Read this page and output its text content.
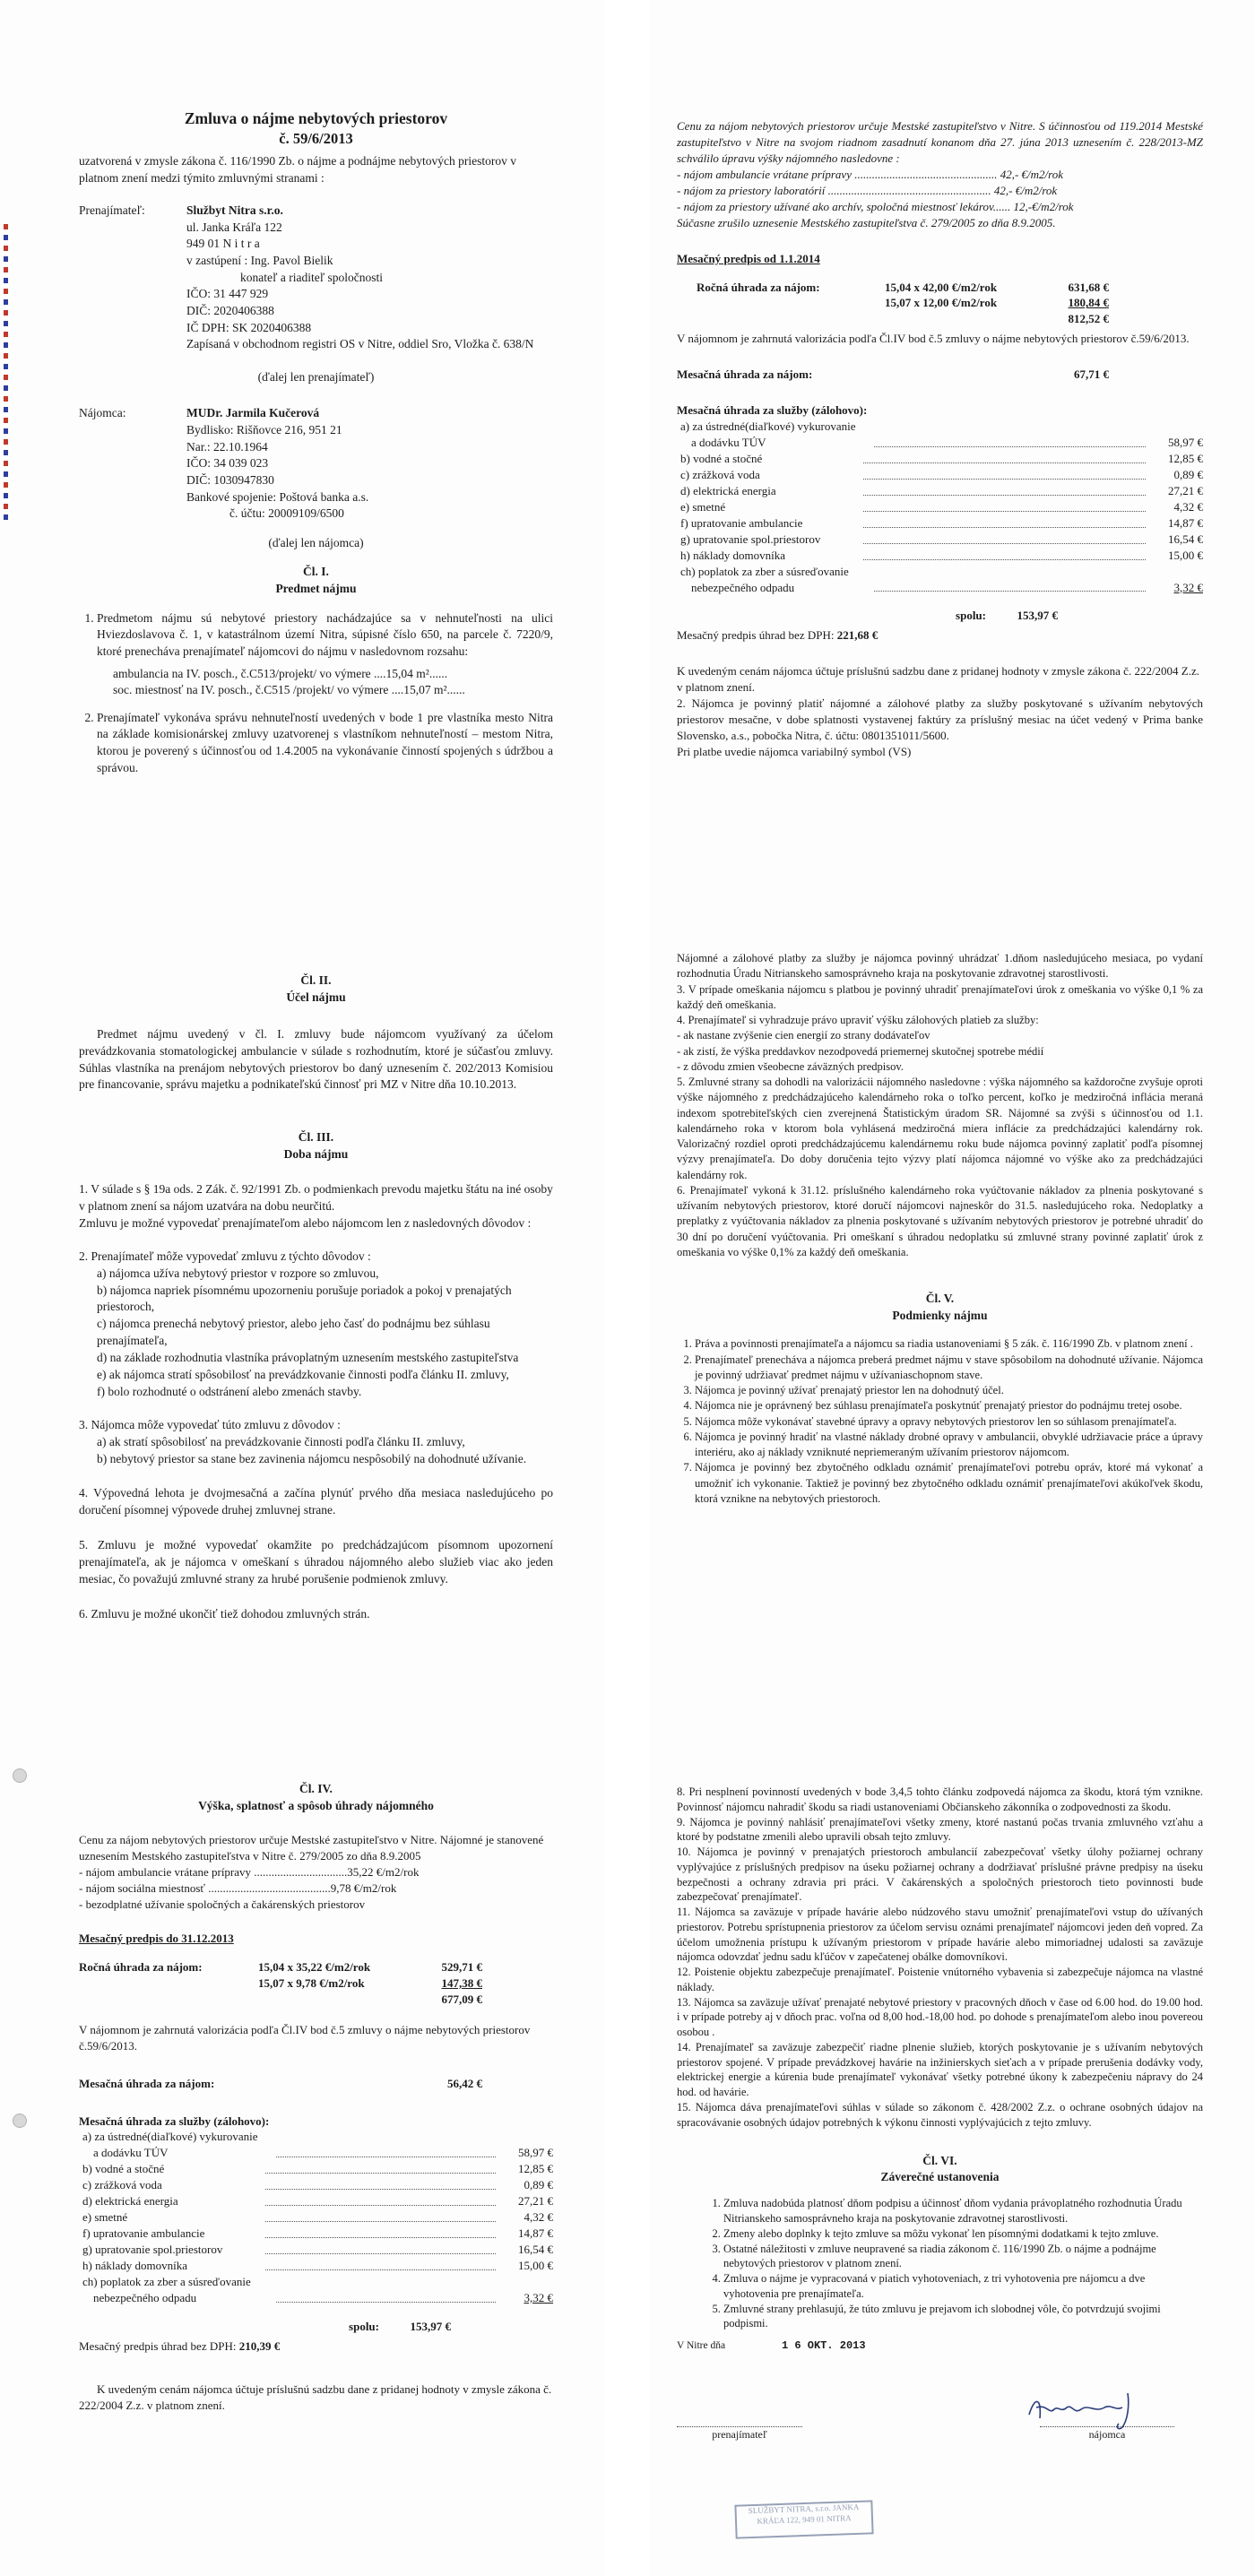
Zmluva o nájme nebytových priestorov

č. 59/6/2013

uzatvorená v zmysle zákona č. 116/1990 Zb. o nájme a podnájme nebytových priestorov v platnom znení medzi týmito zmluvnými stranami :

Prenajímateľ:	Službyt Nitra s.r.o.
ul. Janka Kráľa 122
949 01 N i t r a
v zastúpení : Ing. Pavol Bielik
konateľ a riaditeľ spoločnosti
IČO: 31 447 929
DIČ: 2020406388
IČ DPH: SK 2020406388
Zapísaná v obchodnom registri OS v Nitre, oddiel Sro, Vložka č. 638/N

(ďalej len prenajímateľ)

Nájomca:	MUDr. Jarmila Kučerová
Bydlisko: Rišňovce 216, 951 21
Nar.: 22.10.1964
IČO: 34 039 023
DIČ: 1030947830
Bankové spojenie: Poštová banka a.s.
č. účtu: 20009109/6500

(ďalej len nájomca)

Čl. I.

Predmet nájmu

1. Predmetom nájmu sú nebytové priestory nachádzajúce sa v nehnuteľnosti na ulici Hviezdoslavova č. 1, v katastrálnom území Nitra, súpisné číslo 650, na parcele č. 7220/9, ktoré prenecháva prenajímateľ nájomcovi do nájmu v nasledovnom rozsahu:
ambulancia na IV. posch., č.C513/projekt/ vo výmere ....15,04 m²......
soc. miestnosť na IV. posch., č.C515 /projekt/ vo výmere ....15,07 m²......
2. Prenajímateľ vykonáva správu nehnuteľností uvedených v bode 1 pre vlastníka mesto Nitra na základe komisionárskej zmluvy uzatvorenej s vlastníkom nehnuteľností – mestom Nitra, ktorou je poverený s účinnosťou od 1.4.2005 na vykonávanie činností spojených s údržbou a správou.
Cenu za nájom nebytových priestorov určuje Mestské zastupiteľstvo v Nitre. S účinnosťou od 119.2014 Mestské zastupiteľstvo v Nitre na svojom riadnom zasadnutí konanom dňa 27. júna 2013 uznesením č. 228/2013-MZ schválilo úpravu výšky nájomného nasledovne :
- nájom ambulancie vrátane prípravy ................................................. 42,- €/m2/rok
- nájom za priestory laboratórií ........................................................ 42,- €/m2/rok
- nájom za priestory užívané ako archív, spoločná miestnosť lekárov...... 12,-€/m2/rok
Súčasne zrušilo uznesenie Mestského zastupiteľstva č. 279/2005 zo dňa 8.9.2005.

Mesačný predpis od 1.1.2014

Ročná úhrada za nájom:	15,04 x 42,00 €/m2/rok	631,68 €
15,07 x 12,00 €/m2/rok	180,84 €
812,52 €

V nájomnom je zahrnutá valorizácia podľa Čl.IV bod č.5 zmluvy o nájme nebytových priestorov č.59/6/2013.

Mesačná úhrada za nájom:	67,71 €
Mesačná úhrada za služby (zálohovo):
a) za ústredné(diaľkové) vykurovanie
a dodávku TÚV	58,97 €
b) vodné a stočné	12,85 €
c) zrážková voda	0,89 €
d) elektrická energia	27,21 €
e) smetné	4,32 €
f) upratovanie ambulancie	14,87 €
g) upratovanie spol.priestorov	16,54 €
h) náklady domovníka	15,00 €
ch) poplatok za zber a súsreďovanie
nebezpečného odpadu	3,32 €
spolu:	153,97 €
Mesačný predpis úhrad bez DPH: 221,68 €

K uvedeným cenám nájomca účtuje príslušnú sadzbu dane z pridanej hodnoty v zmysle zákona č. 222/2004 Z.z. v platnom znení.

2. Nájomca je povinný platiť nájomné a zálohové platby za služby poskytované s užívaním nebytových priestorov mesačne, v dobe splatnosti vystavenej faktúry za príslušný mesiac na účet vedený v Prima banke Slovensko, a.s., pobočka Nitra, č. účtu: 0801351011/5600.

Pri platbe uvedie nájomca variabilný symbol (VS)

Čl. II.

Účel nájmu

Predmet nájmu uvedený v čl. I. zmluvy bude nájomcom využívaný za účelom prevádzkovania stomatologickej ambulancie v súlade s rozhodnutím, ktoré je súčasťou zmluvy. Súhlas vlastníka na prenájom nebytových priestorov bo daný uznesením č. 202/2013 Komisiou pre financovanie, správu majetku a podnikateľskú činnosť pri MZ v Nitre dňa 10.10.2013.

Čl. III.

Doba nájmu

1. V súlade s § 19a ods. 2 Zák. č. 92/1991 Zb. o podmienkach prevodu majetku štátu na iné osoby v platnom znení sa nájom uzatvára na dobu neurčitú.

Zmluvu je možné vypovedať prenajímateľom alebo nájomcom len z nasledovných dôvodov :

2. Prenajímateľ môže vypovedať zmluvu z týchto dôvodov :

a) nájomca užíva nebytový priestor v rozpore so zmluvou,
b) nájomca napriek písomnému upozorneniu porušuje poriadok a pokoj v prenajatých priestoroch,
c) nájomca prenechá nebytový priestor, alebo jeho časť do podnájmu bez súhlasu prenajímateľa,
d) na základe rozhodnutia vlastníka právoplatným uznesením mestského zastupiteľstva
e) ak nájomca stratí spôsobilosť na prevádzkovanie činnosti podľa článku II. zmluvy,
f) bolo rozhodnuté o odstránení alebo zmenách stavby.

3. Nájomca môže vypovedať túto zmluvu z dôvodov :

a) ak stratí spôsobilosť na prevádzkovanie činnosti podľa článku II. zmluvy,
b) nebytový priestor sa stane bez zavinenia nájomcu nespôsobilý na dohodnuté užívanie.

4. Výpovedná lehota je dvojmesačná a začína plynúť prvého dňa mesiaca nasledujúceho po doručení písomnej výpovede druhej zmluvnej strane.

5. Zmluvu je možné vypovedať okamžite po predchádzajúcom písomnom upozornení prenajímateľa, ak je nájomca v omeškaní s úhradou nájomného alebo služieb viac ako jeden mesiac, čo považujú zmluvné strany za hrubé porušenie podmienok zmluvy.

6. Zmluvu je možné ukončiť tiež dohodou zmluvných strán.

Nájomné a zálohové platby za služby je nájomca povinný uhrádzať 1.dňom nasledujúceho mesiaca, po vydaní rozhodnutia Úradu Nitrianskeho samosprávneho kraja na poskytovanie zdravotnej starostlivosti.

3. V prípade omeškania nájomcu s platbou je povinný uhradiť prenajímateľovi úrok z omeškania vo výške 0,1 % za každý deň omeškania.
4. Prenajímateľ si vyhradzuje právo upraviť výšku zálohových platieb za služby:
- ak nastane zvýšenie cien energií zo strany dodávateľov
- ak zistí, že výška preddavkov nezodpovedá priemernej skutočnej spotrebe médií
- z dôvodu zmien všeobecne záväzných predpisov.
5. Zmluvné strany sa dohodli na valorizácii nájomného nasledovne : výška nájomného sa každoročne zvyšuje oproti výške nájomného z predchádzajúceho kalendárneho roka o toľko percent, koľko je medziročná inflácia meraná indexom spotrebiteľských cien zverejnená Štatistickým úradom SR. Nájomné sa zvýši s účinnosťou od 1.1. kalendárneho roka v ktorom bola vyhlásená medziročná miera inflácie za predchádzajúci kalendárny rok. Valorizačný rozdiel oproti predchádzajúcemu kalendárnemu roku bude nájomca povinný zaplatiť podľa písomnej výzvy prenajímateľa. Do doby doručenia tejto výzvy platí nájomca nájomné vo výške ako za predchádzajúci kalendárny rok.
6. Prenajímateľ vykoná k 31.12. príslušného kalendárneho roka vyúčtovanie nákladov za plnenia poskytované s užívaním nebytových priestorov, ktoré doručí nájomcovi najneskôr do 31.5. nasledujúceho roka. Nedoplatky a preplatky z vyúčtovania nákladov za plnenia poskytované s užívaním nebytových priestorov je potrebné uhradiť do 30 dní po doručení vyúčtovania. Pri omeškaní s úhradou nedoplatku sú zmluvné strany povinné zaplatiť úrok z omeškania vo výške 0,1% za každý deň omeškania.

Čl. V.

Podmienky nájmu

1. Práva a povinnosti prenajímateľa a nájomcu sa riadia ustanoveniami § 5 zák. č. 116/1990 Zb. v platnom znení .
2. Prenajímateľ prenecháva a nájomca preberá predmet nájmu v stave spôsobilom na dohodnuté užívanie. Nájomca je povinný udržiavať predmet nájmu v užívaniaschopnom stave.
3. Nájomca je povinný užívať prenajatý priestor len na dohodnutý účel.
4. Nájomca nie je oprávnený bez súhlasu prenajímateľa poskytnúť prenajatý priestor do podnájmu tretej osobe.
5. Nájomca môže vykonávať stavebné úpravy a opravy nebytových priestorov len so súhlasom prenajímateľa.
6. Nájomca je povinný hradiť na vlastné náklady drobné opravy v ambulancii, obvyklé udržiavacie práce a úpravy interiéru, ako aj náklady vzniknuté nepriemeraným užívaním priestorov nájomcom.
7. Nájomca je povinný bez zbytočného odkladu oznámiť prenajímateľovi potrebu opráv, ktoré má vykonať a umožniť ich vykonanie. Taktiež je povinný bez zbytočného odkladu oznámiť prenajímateľovi akúkoľvek škodu, ktorá vznikne na nebytových priestoroch.

Čl. IV.

Výška, splatnosť a spôsob úhrady nájomného

Cenu za nájom nebytových priestorov určuje Mestské zastupiteľstvo v Nitre. Nájomné je stanovené uznesením Mestského zastupiteľstva v Nitre č. 279/2005 zo dňa 8.9.2005

- nájom ambulancie vrátane prípravy ................................35,22 €/m2/rok
- nájom sociálna miestnosť ..........................................9,78 €/m2/rok
- bezodplatné užívanie spoločných a čakárenských priestorov

Mesačný predpis do 31.12.2013

Ročná úhrada za nájom:	15,04 x 35,22 €/m2/rok	529,71 €
15,07 x 9,78 €/m2/rok	147,38 €
677,09 €

V nájomnom je zahrnutá valorizácia podľa Čl.IV bod č.5 zmluvy o nájme nebytových priestorov č.59/6/2013.

Mesačná úhrada za nájom:	56,42 €
Mesačná úhrada za služby (zálohovo):
a) za ústredné(diaľkové) vykurovanie
a dodávku TÚV	58,97 €
b) vodné a stočné	12,85 €
c) zrážková voda	0,89 €
d) elektrická energia	27,21 €
e) smetné	4,32 €
f) upratovanie ambulancie	14,87 €
g) upratovanie spol.priestorov	16,54 €
h) náklady domovníka	15,00 €
ch) poplatok za zber a súsreďovanie
nebezpečného odpadu	3,32 €
spolu:	153,97 €
Mesačný predpis úhrad bez DPH: 210,39 €

K uvedeným cenám nájomca účtuje príslušnú sadzbu dane z pridanej hodnoty v zmysle zákona č. 222/2004 Z.z. v platnom znení.

8. Pri nesplnení povinností uvedených v bode 3,4,5 tohto článku zodpovedá nájomca za škodu, ktorá tým vznikne. Povinnosť nájomcu nahradiť škodu sa riadi ustanoveniami Občianskeho zákonníka o zodpovednosti za škodu.
9. Nájomca je povinný nahlásiť prenajímateľovi všetky zmeny, ktoré nastanú počas trvania zmluvného vzťahu a ktoré by podstatne zmenili alebo upravili obsah tejto zmluvy.
10. Nájomca je povinný v prenajatých priestoroch ambulancií zabezpečovať všetky úlohy požiarnej ochrany vyplývajúce z príslušných predpisov na úseku požiarnej ochrany a dodržiavať príslušné právne predpisy na úseku bezpečnosti a ochrany zdravia pri práci. V čakárenských a spoločných priestoroch tieto povinnosti bude zabezpečovať prenajímateľ.
11. Nájomca sa zaväzuje v prípade havárie alebo núdzového stavu umožniť prenajímateľovi vstup do užívaných priestorov. Potrebu sprístupnenia priestorov za účelom servisu oznámi prenajímateľ nájomcovi jeden deň vopred. Za účelom umožnenia prístupu k užívaným priestorom v prípade havárie alebo mimoriadnej udalosti sa zaväzuje nájomca odovzdať jednu sadu kľúčov v zapečatenej obálke domovníkovi.
12. Poistenie objektu zabezpečuje prenajímateľ. Poistenie vnútorného vybavenia si zabezpečuje nájomca na vlastné náklady.
13. Nájomca sa zaväzuje užívať prenajaté nebytové priestory v pracovných dňoch v čase od 6.00 hod. do 19.00 hod. i v prípade potreby aj v dňoch prac. voľna od 8,00 hod.-18,00 hod. po dohode s prenajímateľom alebo inou povereou osobou .
14. Prenajímateľ sa zaväzuje zabezpečiť riadne plnenie služieb, ktorých poskytovanie je s užívaním nebytových priestorov spojené. V prípade prevádzkovej havárie na inžinierskych sieťach a v prípade prerušenia dodávky vody, elektrickej energie a kúrenia bude prenajímateľ vykonávať všetky potrebné úkony k zabezpečeniu nápravy do 24 hod. od havárie.
15. Nájomca dáva prenajímateľovi súhlas v súlade so zákonom č. 428/2002 Z.z. o ochrane osobných údajov na spracovávanie osobných údajov potrebných k výkonu činnosti vyplývajúcich z tejto zmluvy.

Čl. VI.

Záverečné ustanovenia

1. Zmluva nadobúda platnosť dňom podpisu a účinnosť dňom vydania právoplatného rozhodnutia Úradu Nitrianskeho samosprávneho kraja na poskytovanie zdravotnej starostlivosti.
2. Zmeny alebo doplnky k tejto zmluve sa môžu vykonať len písomnými dodatkami k tejto zmluve.
3. Ostatné náležitosti v zmluve neupravené sa riadia zákonom č. 116/1990 Zb. o nájme a podnájme nebytových priestorov v platnom znení.
4. Zmluva o nájme je vypracovaná v piatich vyhotoveniach, z tri vyhotovenia pre nájomcu a dve vyhotovenia pre prenajímateľa.
5. Zmluvné strany prehlasujú, že túto zmluvu je prejavom ich slobodnej vôle, čo potvrdzujú svojimi podpismi.
V Nitre dňa	1 6 OKT. 2013
prenajímateľ	nájomca
SLUŽBYT NITRA, s.r.o. JANKA KRÁĽA 122, 949 01 NITRA
